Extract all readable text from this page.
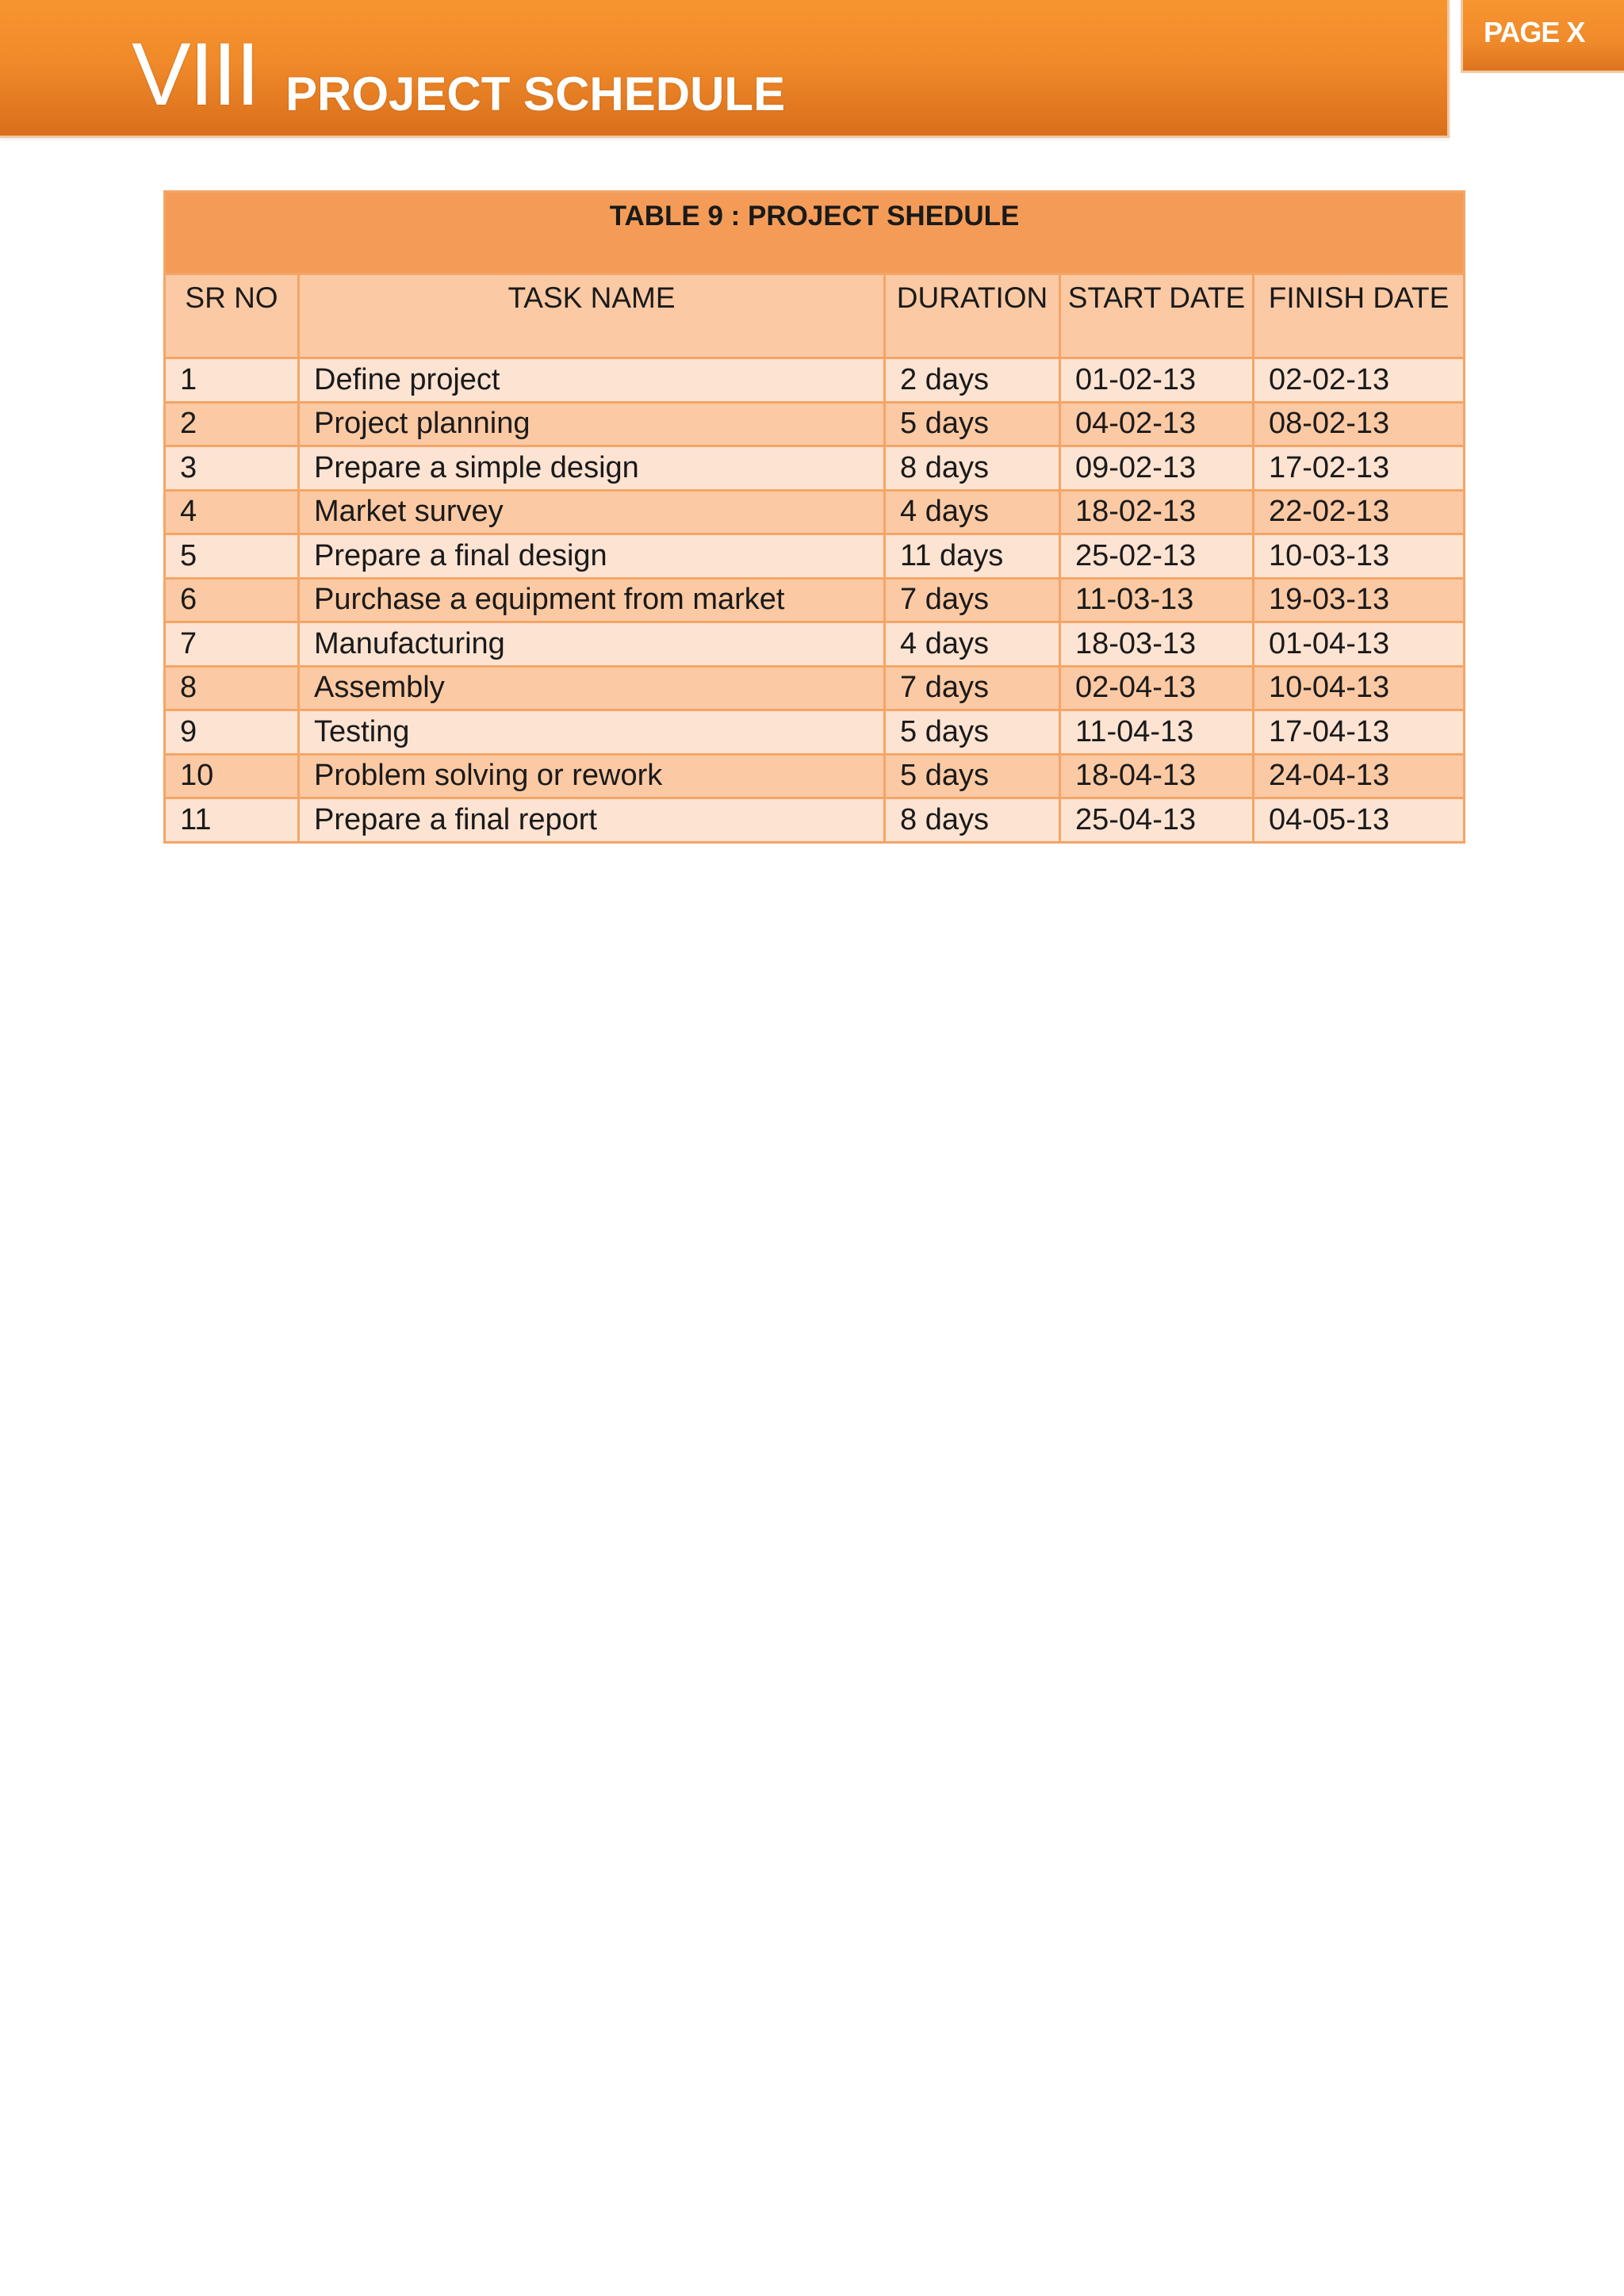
VIII PROJECT SCHEDULE
PAGE X
TABLE 9 : PROJECT SHEDULE				
SR NO	TASK NAME	DURATION	START DATE	FINISH DATE
1	Define project	2 days	01-02-13	02-02-13
2	Project planning	5 days	04-02-13	08-02-13
3	Prepare a simple design	8 days	09-02-13	17-02-13
4	Market survey	4 days	18-02-13	22-02-13
5	Prepare a final design	11 days	25-02-13	10-03-13
6	Purchase a equipment from market	7 days	11-03-13	19-03-13
7	Manufacturing	4 days	18-03-13	01-04-13
8	Assembly	7 days	02-04-13	10-04-13
9	Testing	5 days	11-04-13	17-04-13
10	Problem solving or rework	5 days	18-04-13	24-04-13
11	Prepare a final report	8 days	25-04-13	04-05-13
